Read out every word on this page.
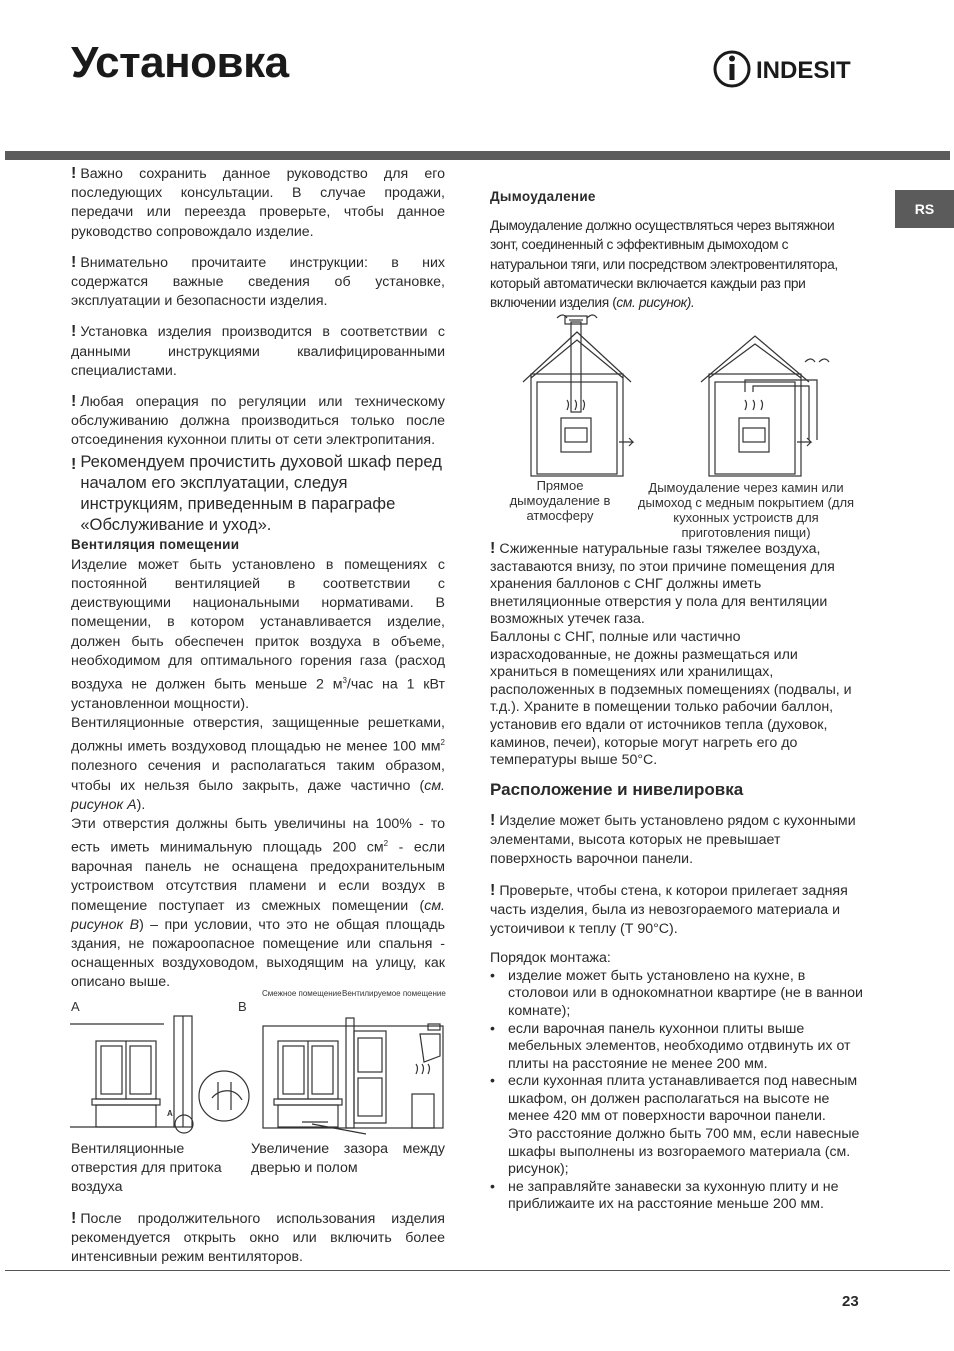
Установка	INDESIT
RS

! Важно сохранить данное руководство для его последующих консультации. В случае продажи, передачи или переезда проверьте, чтобы данное руководство сопровождало изделие.

! Внимательно прочитаите инструкции: в них содержатся важные сведения об установке, эксплуатации и безопасности изделия.

! Установка изделия производится в соответствии с данными инструкциями квалифицированными специалистами.

! Любая операция по регуляции или техническому обслуживанию должна производиться только после отсоединения кухоннои плиты от сети электропитания.

! Рекомендуем прочистить духовой шкаф перед началом его эксплуатации, следуя инструкциям, приведенным в параграфе «Обслуживание и уход».
Вентиляция помещении

Изделие может быть установлено в помещениях с постоянной вентиляцией в соответствии с деиствующими национальными нормативами. В помещении, в котором устанавливается изделие, должен быть обеспечен приток воздуха в объеме, необходимом для оптимального горения газа (расход воздуха не должен быть меньше 2 $м^3$/час на 1 кВт установленнои мощности).

Вентиляционные отверстия, защищенные решетками, должны иметь воздуховод площадью не менее 100 $мм^2$ полезного сечения и располагаться таким образом, чтобы их нельзя было закрыть, даже частично (см. рисунок А).

Эти отверстия должны быть увеличины на 100% - то есть иметь минимальную площадь 200 $см^2$ - если варочная панель не оснащена предохранительным устроиством отсутствия пламени и если воздух в помещение поступает из смежных помещении (см. рисунок В) – при условии, что это не общая площадь здания, не пожароопасное помещение или спальня - оснащенных воздуховодом, выходящим на улицу, как описано выше.

A	B
Смежное помещение Вентилируемое помещение
A
Вентиляционные отверстия для притока воздуха
Увеличение зазора между дверью и полом

! После продолжительного использования изделия рекомендуется открыть окно или включить более интенсивныи режим вентиляторов.

Дымоудаление

Дымоудаление должно осуществляться через вытяжнои зонт, соединенный с эффективным дымоходом с натуральнои тяги, или посредством электровентилятора, который автоматически включается каждыи раз при включении изделия (см. рисунок).

Прямое дымоудаление в атмосферу
Дымоудаление через камин или дымоход с медным покрытием (для кухонных устроиств для приготовления пищи)

! Сжиженные натуральные газы тяжелее воздуха, заставаются внизу, по этои причине помещения для хранения баллонов с СНГ должны иметь внетиляционные отверстия у пола для вентиляции возможных утечек газа.

Баллоны с СНГ, полные или частично израсходованные, не дожны размещаться или храниться в помещениях или хранилищах, расположенных в подземных помещениях (подвалы, и т.д.). Храните в помещении только рабочии баллон, установив его вдали от источников тепла (духовок, каминов, печеи), которые могут нагреть его до температуры выше 50°С.

Расположение и нивелировка

! Изделие может быть установлено рядом с кухонными элементами, высота которых не превышает поверхность варочнои панели.

! Проверьте, чтобы стена, к которои прилегает задняя часть изделия, была из невозгораемого материала и устоичивои к теплу (Т 90°С).

Порядок монтажа:

• изделие может быть установлено на кухне, в столовои или в однокомнатнои квартире (не в ваннои комнате);
• если варочная панель кухоннои плиты выше мебельных элементов, необходимо отдвинуть их от плиты на расстояние не менее 200 мм.
• если кухонная плита устанавливается под навесным шкафом, он должен располагаться на высоте не менее 420 мм от поверхности варочнои панели.
Это расстояние должно быть 700 мм, если навесные шкафы выполнены из возгораемого материала (см. рисунок);
• не заправляйте занавески за кухонную плиту и не приближаите их на расстояние меньше 200 мм.
23
